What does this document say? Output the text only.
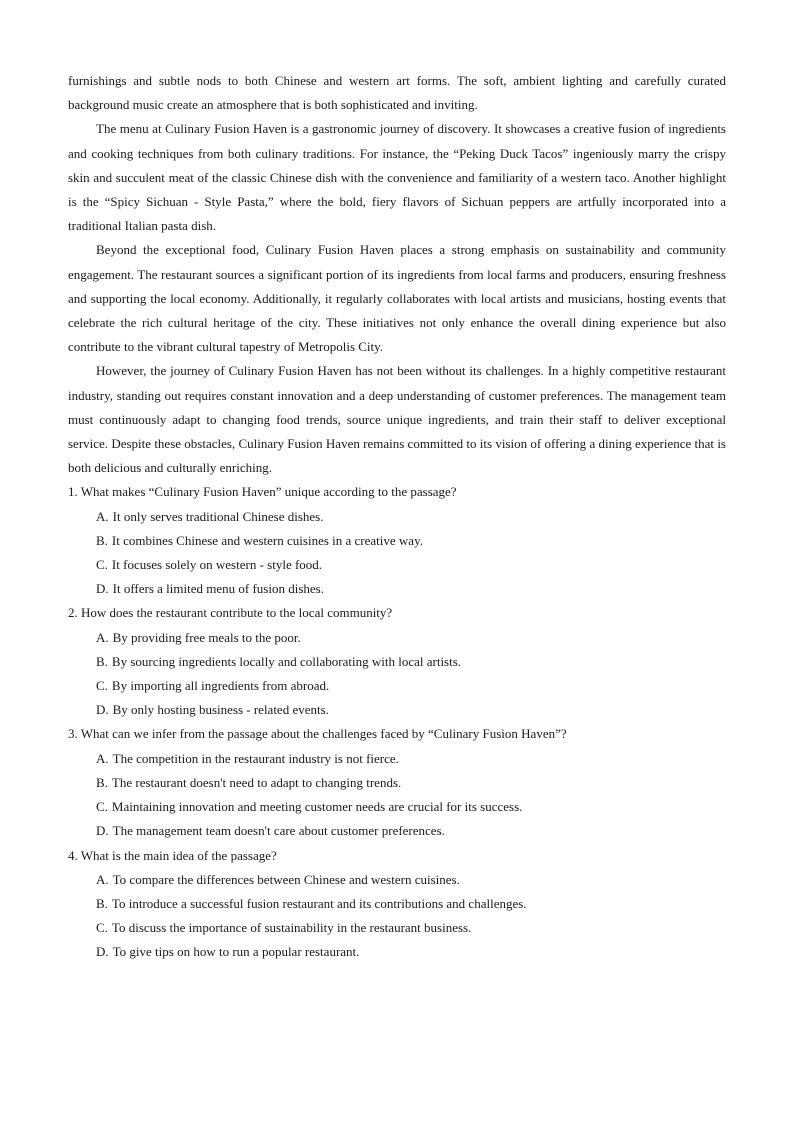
furnishings and subtle nods to both Chinese and western art forms. The soft, ambient lighting and carefully curated background music create an atmosphere that is both sophisticated and inviting.

The menu at Culinary Fusion Haven is a gastronomic journey of discovery. It showcases a creative fusion of ingredients and cooking techniques from both culinary traditions. For instance, the “Peking Duck Tacos” ingeniously marry the crispy skin and succulent meat of the classic Chinese dish with the convenience and familiarity of a western taco. Another highlight is the “Spicy Sichuan - Style Pasta,” where the bold, fiery flavors of Sichuan peppers are artfully incorporated into a traditional Italian pasta dish.

Beyond the exceptional food, Culinary Fusion Haven places a strong emphasis on sustainability and community engagement. The restaurant sources a significant portion of its ingredients from local farms and producers, ensuring freshness and supporting the local economy. Additionally, it regularly collaborates with local artists and musicians, hosting events that celebrate the rich cultural heritage of the city. These initiatives not only enhance the overall dining experience but also contribute to the vibrant cultural tapestry of Metropolis City.

However, the journey of Culinary Fusion Haven has not been without its challenges. In a highly competitive restaurant industry, standing out requires constant innovation and a deep understanding of customer preferences. The management team must continuously adapt to changing food trends, source unique ingredients, and train their staff to deliver exceptional service. Despite these obstacles, Culinary Fusion Haven remains committed to its vision of offering a dining experience that is both delicious and culturally enriching.

1. What makes “Culinary Fusion Haven” unique according to the passage?

A. It only serves traditional Chinese dishes.
B. It combines Chinese and western cuisines in a creative way.
C. It focuses solely on western - style food.
D. It offers a limited menu of fusion dishes.

2. How does the restaurant contribute to the local community?

A. By providing free meals to the poor.
B. By sourcing ingredients locally and collaborating with local artists.
C. By importing all ingredients from abroad.
D. By only hosting business - related events.

3. What can we infer from the passage about the challenges faced by “Culinary Fusion Haven”?

A. The competition in the restaurant industry is not fierce.
B. The restaurant doesn't need to adapt to changing trends.
C. Maintaining innovation and meeting customer needs are crucial for its success.
D. The management team doesn't care about customer preferences.

4. What is the main idea of the passage?

A. To compare the differences between Chinese and western cuisines.
B. To introduce a successful fusion restaurant and its contributions and challenges.
C. To discuss the importance of sustainability in the restaurant business.
D. To give tips on how to run a popular restaurant.
